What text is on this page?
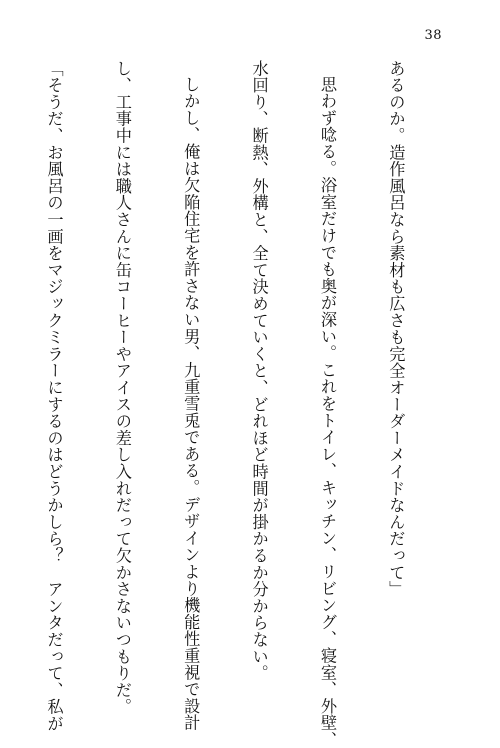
38

あるのか。造作風呂なら素材も広さも完全オーダーメイドなんだって」

思わず唸る。浴室だけでも奥が深い。これをトイレ、キッチン、リビング、寝室、外壁、

水回り、断熱、外構と、全て決めていくと、どれほど時間が掛かるか分からない。

しかし、俺は欠陥住宅を許さない男、九重雪兎である。デザインより機能性重視で設計

し、工事中には職人さんに缶コーヒーやアイスの差し入れだって欠かさないつもりだ。

「そうだ、お風呂の一画をマジックミラーにするのはどうかしら？　アンタだって、私が
